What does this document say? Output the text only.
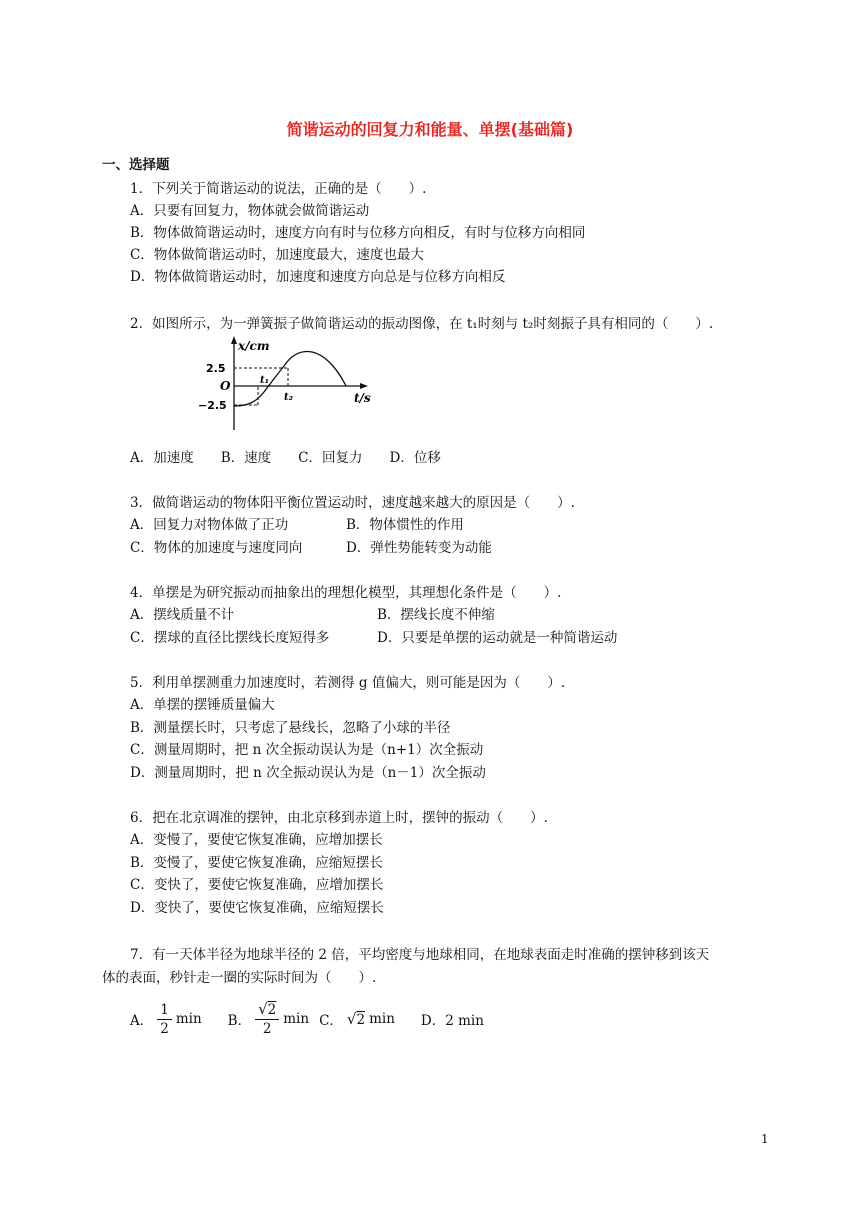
简谐运动的回复力和能量、单摆(基础篇)
一、选择题
1．下列关于简谐运动的说法，正确的是（　　）.
A．只要有回复力，物体就会做简谐运动
B．物体做简谐运动时，速度方向有时与位移方向相反，有时与位移方向相同
C．物体做简谐运动时，加速度最大，速度也最大
D．物体做简谐运动时，加速度和速度方向总是与位移方向相反
2．如图所示，为一弹簧振子做简谐运动的振动图像，在 t₁时刻与 t₂时刻振子具有相同的（　　）.
x/cm
t/s
O
2.5
−2.5
t₁
t₂
A．加速度　　B．速度　　C．回复力　　D．位移
3．做简谐运动的物体阳平衡位置运动时，速度越来越大的原因是（　　）.
A．回复力对物体做了正功	B．物体惯性的作用
C．物体的加速度与速度同向	D．弹性势能转变为动能
4．单摆是为研究振动而抽象出的理想化模型，其理想化条件是（　　）.
A．摆线质量不计	B．摆线长度不伸缩
C．摆球的直径比摆线长度短得多	D．只要是单摆的运动就是一种简谐运动
5．利用单摆测重力加速度时，若测得 g 值偏大，则可能是因为（　　）.
A．单摆的摆锤质量偏大
B．测量摆长时，只考虑了悬线长，忽略了小球的半径
C．测量周期时，把 n 次全振动误认为是（n+1）次全振动
D．测量周期时，把 n 次全振动误认为是（n－1）次全振动
6．把在北京调准的摆钟，由北京移到赤道上时，摆钟的振动（　　）.
A．变慢了，要使它恢复准确，应增加摆长
B．变慢了，要使它恢复准确，应缩短摆长
C．变快了，要使它恢复准确，应增加摆长
D．变快了，要使它恢复准确，应缩短摆长
7．有一天体半径为地球半径的 2 倍，平均密度与地球相同，在地球表面走时准确的摆钟移到该天
体的表面，秒针走一圈的实际时间为（　　）.
A． $\frac{1}{2}$ min B． $\frac{√2}{2}$ min C． √2 min D．2 min
1
